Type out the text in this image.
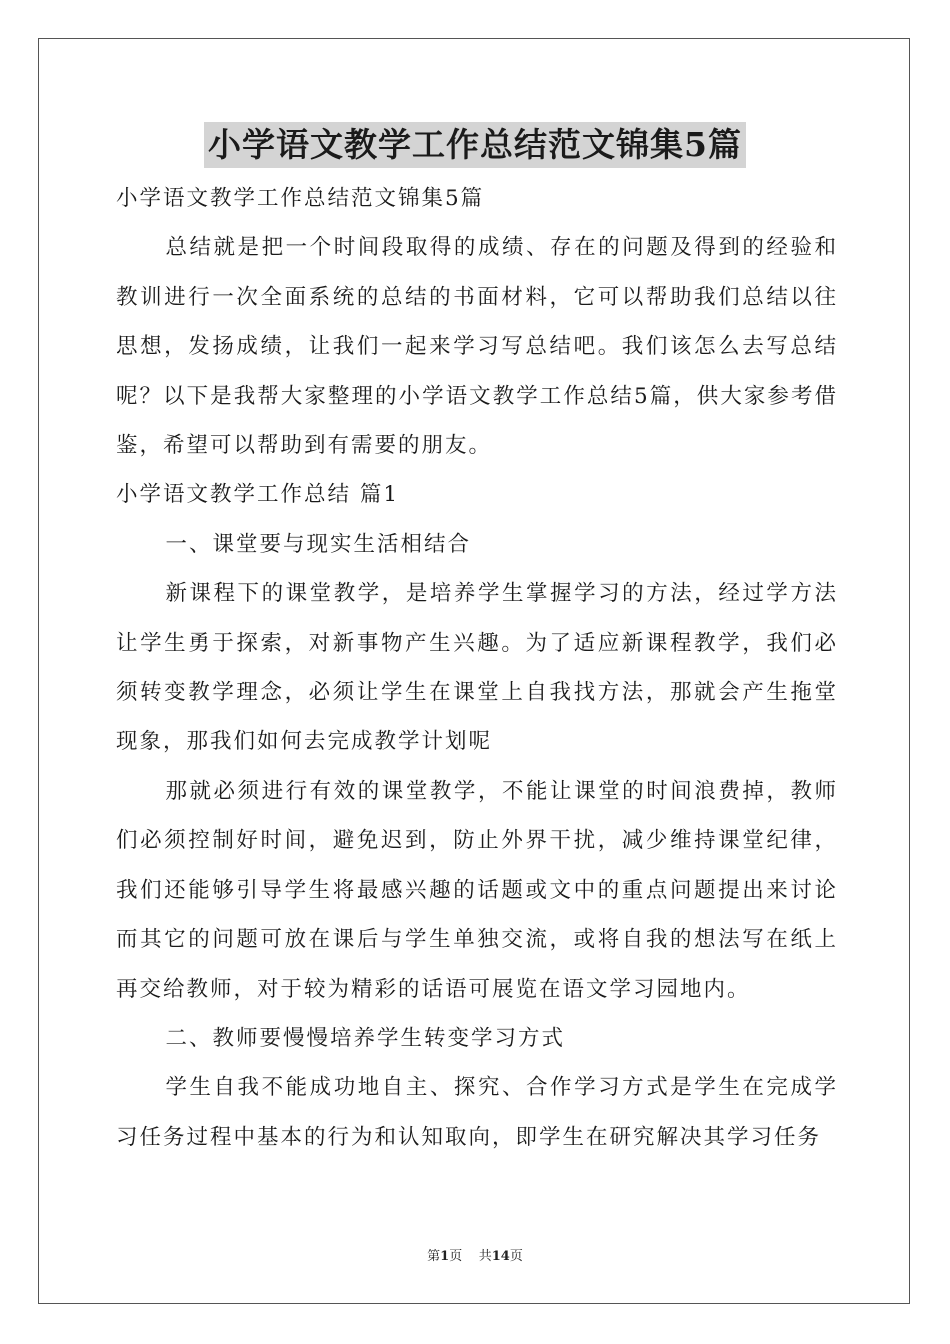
小学语文教学工作总结范文锦集5篇

小学语文教学工作总结范文锦集5篇

总结就是把一个时间段取得的成绩、存在的问题及得到的经验和教训进行一次全面系统的总结的书面材料，它可以帮助我们总结以往思想，发扬成绩，让我们一起来学习写总结吧。我们该怎么去写总结呢？以下是我帮大家整理的小学语文教学工作总结5篇，供大家参考借鉴，希望可以帮助到有需要的朋友。

小学语文教学工作总结 篇1

一、课堂要与现实生活相结合

新课程下的课堂教学，是培养学生掌握学习的方法，经过学方法让学生勇于探索，对新事物产生兴趣。为了适应新课程教学，我们必须转变教学理念，必须让学生在课堂上自我找方法，那就会产生拖堂现象，那我们如何去完成教学计划呢

那就必须进行有效的课堂教学，不能让课堂的时间浪费掉，教师们必须控制好时间，避免迟到，防止外界干扰，减少维持课堂纪律，我们还能够引导学生将最感兴趣的话题或文中的重点问题提出来讨论而其它的问题可放在课后与学生单独交流，或将自我的想法写在纸上再交给教师，对于较为精彩的话语可展览在语文学习园地内。

二、教师要慢慢培养学生转变学习方式

学生自我不能成功地自主、探究、合作学习方式是学生在完成学习任务过程中基本的行为和认知取向，即学生在研究解决其学习任务

第1页 共14页
